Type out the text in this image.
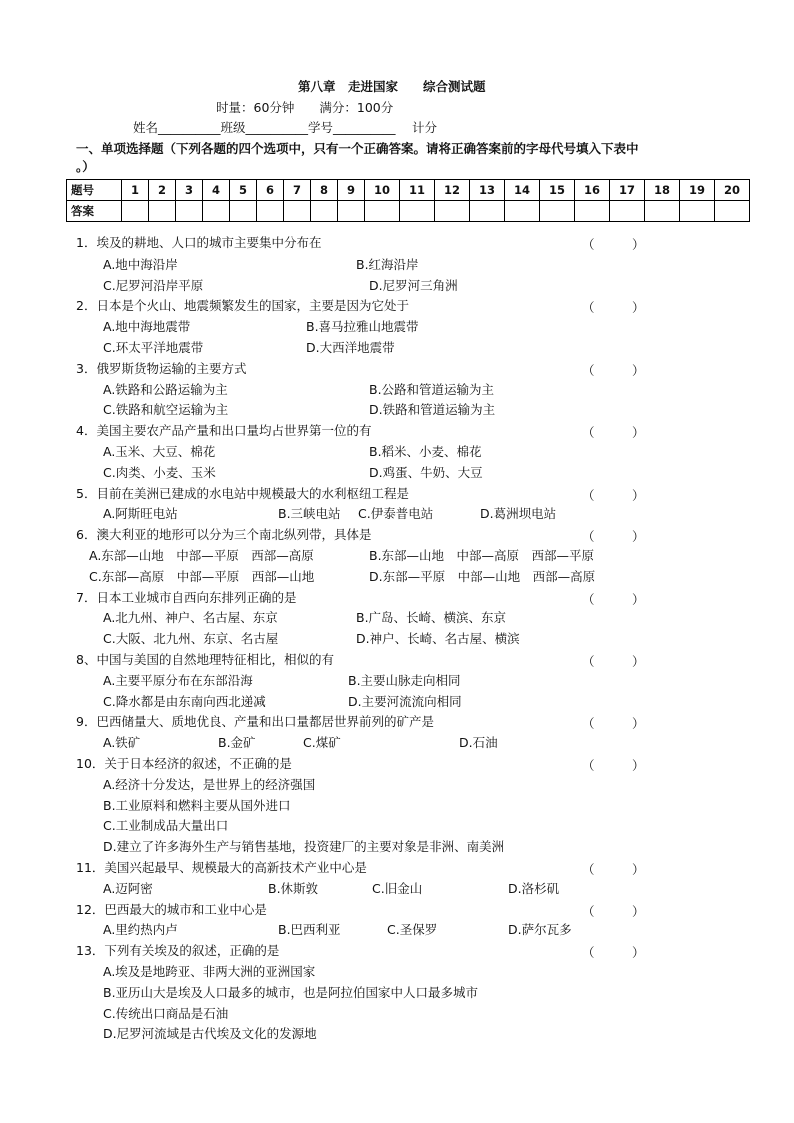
第八章　走进国家　　综合测试题
时量：60分钟　　满分：100分
姓名__________班级__________学号__________　 计分
一、单项选择题（下列各题的四个选项中，只有一个正确答案。请将正确答案前的字母代号填入下表中
。）
题号	1	2	3	4	5	6	7	8	9	10	11	12	13	14	15	16	17	18	19	20
答案																				
1．埃及的耕地、人口的城市主要集中分布在	（　　　）
A.地中海沿岸	B.红海沿岸
C.尼罗河沿岸平原	D.尼罗河三角洲
2．日本是个火山、地震频繁发生的国家，主要是因为它处于	（　　　）
A.地中海地震带	B.喜马拉雅山地震带
C.环太平洋地震带	D.大西洋地震带
3．俄罗斯货物运输的主要方式	（　　　）
A.铁路和公路运输为主	B.公路和管道运输为主
C.铁路和航空运输为主	D.铁路和管道运输为主
4．美国主要农产品产量和出口量均占世界第一位的有	（　　　）
A.玉米、大豆、棉花	B.稻米、小麦、棉花
C.肉类、小麦、玉米	D.鸡蛋、牛奶、大豆
5．目前在美洲已建成的水电站中规模最大的水利枢纽工程是	（　　　）
A.阿斯旺电站	B.三峡电站 C.伊泰普电站	D.葛洲坝电站
6．澳大利亚的地形可以分为三个南北纵列带，具体是	（　　　）
A.东部—山地　中部—平原　西部—高原	B.东部—山地　中部—高原　西部—平原
C.东部—高原　中部—平原　西部—山地	D.东部—平原　中部—山地　西部—高原
7．日本工业城市自西向东排列正确的是	（　　　）
A.北九州、神户、名古屋、东京	B.广岛、长崎、横滨、东京
C.大阪、北九州、东京、名古屋	D.神户、长崎、名古屋、横滨
8、中国与美国的自然地理特征相比，相似的有	（　　　）
A.主要平原分布在东部沿海	B.主要山脉走向相同
C.降水都是由东南向西北递减	D.主要河流流向相同
9．巴西储量大、质地优良、产量和出口量都居世界前列的矿产是	（　　　）
A.铁矿	B.金矿	C.煤矿	D.石油
10．关于日本经济的叙述，不正确的是	（　　　）
A.经济十分发达，是世界上的经济强国
B.工业原料和燃料主要从国外进口
C.工业制成品大量出口
D.建立了许多海外生产与销售基地，投资建厂的主要对象是非洲、南美洲
11．美国兴起最早、规模最大的高新技术产业中心是	（　　　）
A.迈阿密	B.休斯敦	C.旧金山	D.洛杉矶
12．巴西最大的城市和工业中心是	（　　　）
A.里约热内卢	B.巴西利亚	C.圣保罗	D.萨尔瓦多
13．下列有关埃及的叙述，正确的是	（　　　）
A.埃及是地跨亚、非两大洲的亚洲国家
B.亚历山大是埃及人口最多的城市，也是阿拉伯国家中人口最多城市
C.传统出口商品是石油
D.尼罗河流域是古代埃及文化的发源地
